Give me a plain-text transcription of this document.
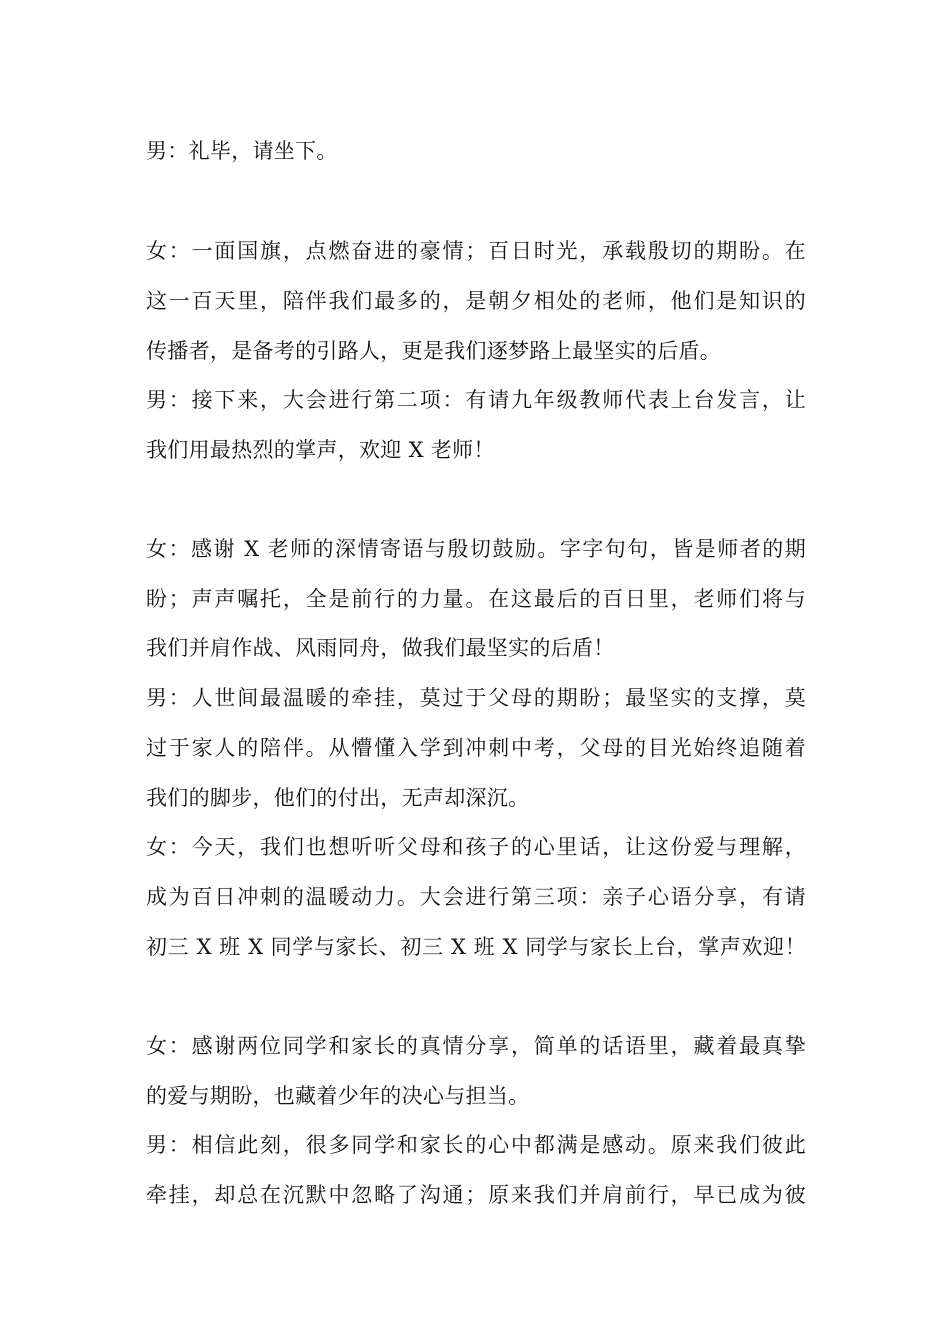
男：礼毕，请坐下。
女：一面国旗，点燃奋进的豪情；百日时光，承载殷切的期盼。在
这一百天里，陪伴我们最多的，是朝夕相处的老师，他们是知识的
传播者，是备考的引路人，更是我们逐梦路上最坚实的后盾。
男：接下来，大会进行第二项：有请九年级教师代表上台发言，让
我们用最热烈的掌声，欢迎 X 老师！
女：感谢 X 老师的深情寄语与殷切鼓励。字字句句，皆是师者的期
盼；声声嘱托，全是前行的力量。在这最后的百日里，老师们将与
我们并肩作战、风雨同舟，做我们最坚实的后盾！
男：人世间最温暖的牵挂，莫过于父母的期盼；最坚实的支撑，莫
过于家人的陪伴。从懵懂入学到冲刺中考，父母的目光始终追随着
我们的脚步，他们的付出，无声却深沉。
女：今天，我们也想听听父母和孩子的心里话，让这份爱与理解，
成为百日冲刺的温暖动力。大会进行第三项：亲子心语分享，有请
初三 X 班 X 同学与家长、初三 X 班 X 同学与家长上台，掌声欢迎！
女：感谢两位同学和家长的真情分享，简单的话语里，藏着最真挚
的爱与期盼，也藏着少年的决心与担当。
男：相信此刻，很多同学和家长的心中都满是感动。原来我们彼此
牵挂，却总在沉默中忽略了沟通；原来我们并肩前行，早已成为彼
